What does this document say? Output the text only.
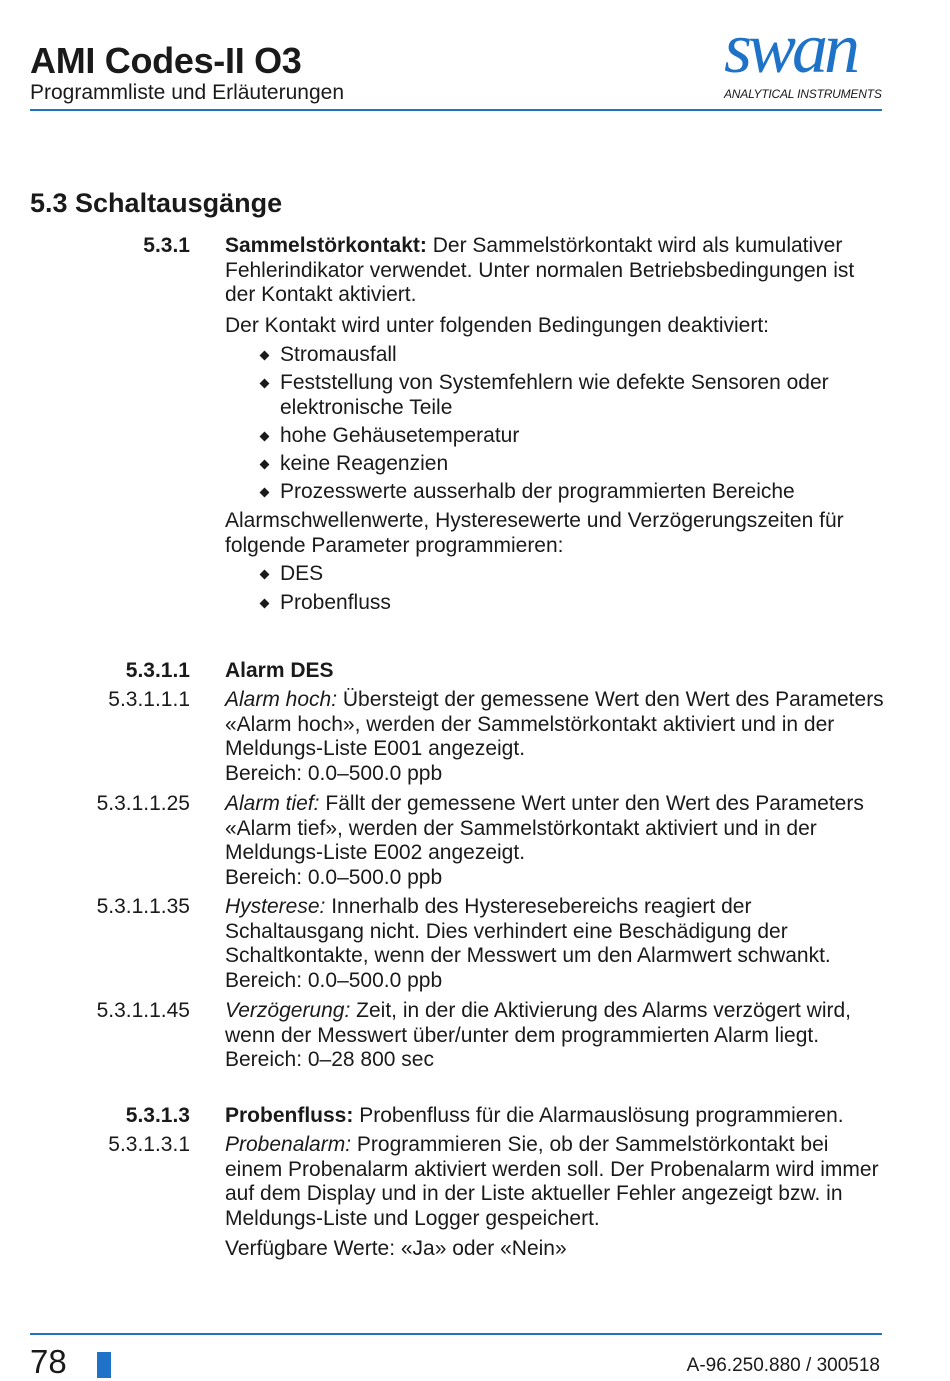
AMI Codes-II O3
Programmliste und Erläuterungen
swan
ANALYTICAL INSTRUMENTS
5.3 Schaltausgänge
5.3.1 Sammelstörkontakt: Der Sammelstörkontakt wird als kumulativer Fehlerindikator verwendet. Unter normalen Betriebsbedingungen ist der Kontakt aktiviert.
Der Kontakt wird unter folgenden Bedingungen deaktiviert:
Stromausfall
Feststellung von Systemfehlern wie defekte Sensoren oder elektronische Teile
hohe Gehäusetemperatur
keine Reagenzien
Prozesswerte ausserhalb der programmierten Bereiche
Alarmschwellenwerte, Hysteresewerte und Verzögerungszeiten für folgende Parameter programmieren:
DES
Probenfluss
5.3.1.1 Alarm DES
5.3.1.1.1 Alarm hoch: Übersteigt der gemessene Wert den Wert des Parameters «Alarm hoch», werden der Sammelstörkontakt aktiviert und in der Meldungs-Liste E001 angezeigt.
Bereich: 0.0–500.0 ppb
5.3.1.1.25 Alarm tief: Fällt der gemessene Wert unter den Wert des Parameters «Alarm tief», werden der Sammelstörkontakt aktiviert und in der Meldungs-Liste E002 angezeigt.
Bereich: 0.0–500.0 ppb
5.3.1.1.35 Hysterese: Innerhalb des Hysteresebereichs reagiert der Schaltausgang nicht. Dies verhindert eine Beschädigung der Schaltkontakte, wenn der Messwert um den Alarmwert schwankt.
Bereich: 0.0–500.0 ppb
5.3.1.1.45 Verzögerung: Zeit, in der die Aktivierung des Alarms verzögert wird, wenn der Messwert über/unter dem programmierten Alarm liegt.
Bereich: 0–28 800 sec
5.3.1.3 Probenfluss: Probenfluss für die Alarmauslösung programmieren.
5.3.1.3.1 Probenalarm: Programmieren Sie, ob der Sammelstörkontakt bei einem Probenalarm aktiviert werden soll. Der Probenalarm wird immer auf dem Display und in der Liste aktueller Fehler angezeigt bzw. in Meldungs-Liste und Logger gespeichert.
Verfügbare Werte: «Ja» oder «Nein»
78	A-96.250.880 / 300518
